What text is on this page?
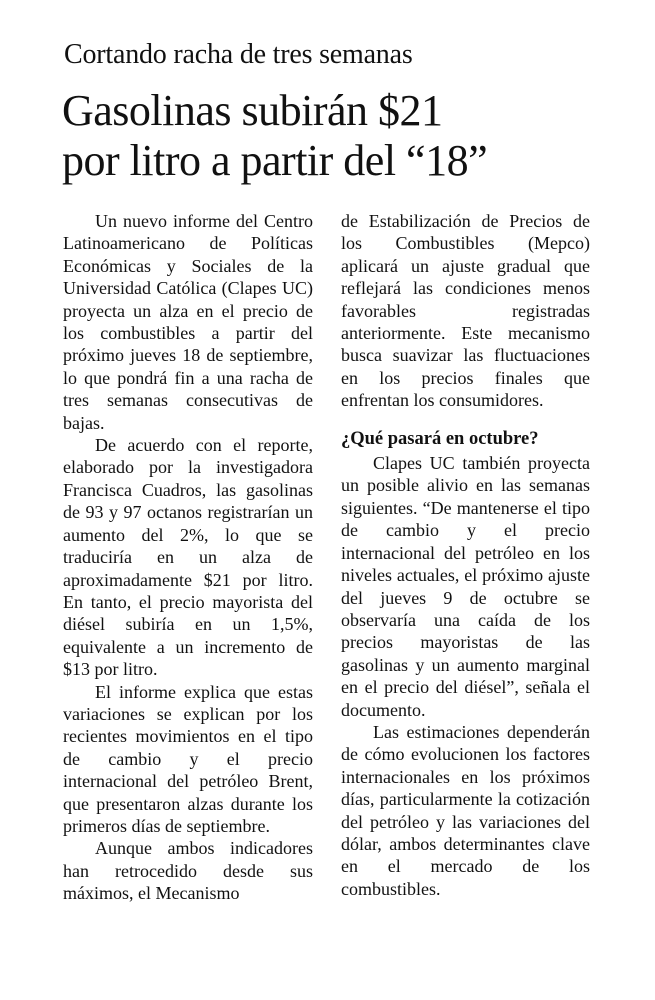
Cortando racha de tres semanas
Gasolinas subirán $21
por litro a partir del “18”

Un nuevo informe del Centro Latinoamericano de Políticas Económicas y Sociales de la Universidad Católica (Clapes UC) proyecta un alza en el precio de los combustibles a partir del próximo jueves 18 de septiembre, lo que pondrá fin a una racha de tres semanas consecutivas de bajas.

De acuerdo con el reporte, elaborado por la investigadora Francisca Cuadros, las gasolinas de 93 y 97 octanos registrarían un aumento del 2%, lo que se traduciría en un alza de aproximadamente $21 por litro. En tanto, el precio mayorista del diésel subiría en un 1,5%, equivalente a un incremento de $13 por litro.

El informe explica que estas variaciones se explican por los recientes movimientos en el tipo de cambio y el precio internacional del petróleo Brent, que presentaron alzas durante los primeros días de septiembre.

Aunque ambos indicadores han retrocedido desde sus máximos, el Mecanismo

de Estabilización de Precios de los Combustibles (Mepco) aplicará un ajuste gradual que reflejará las condiciones menos favorables registradas anteriormente. Este mecanismo busca suavizar las fluctuaciones en los precios finales que enfrentan los consumidores.

¿Qué pasará en octubre?

Clapes UC también proyecta un posible alivio en las semanas siguientes. “De mantenerse el tipo de cambio y el precio internacional del petróleo en los niveles actuales, el próximo ajuste del jueves 9 de octubre se observaría una caída de los precios mayoristas de las gasolinas y un aumento marginal en el precio del diésel”, señala el documento.

Las estimaciones dependerán de cómo evolucionen los factores internacionales en los próximos días, particularmente la cotización del petróleo y las variaciones del dólar, ambos determinantes clave en el mercado de los combustibles.
